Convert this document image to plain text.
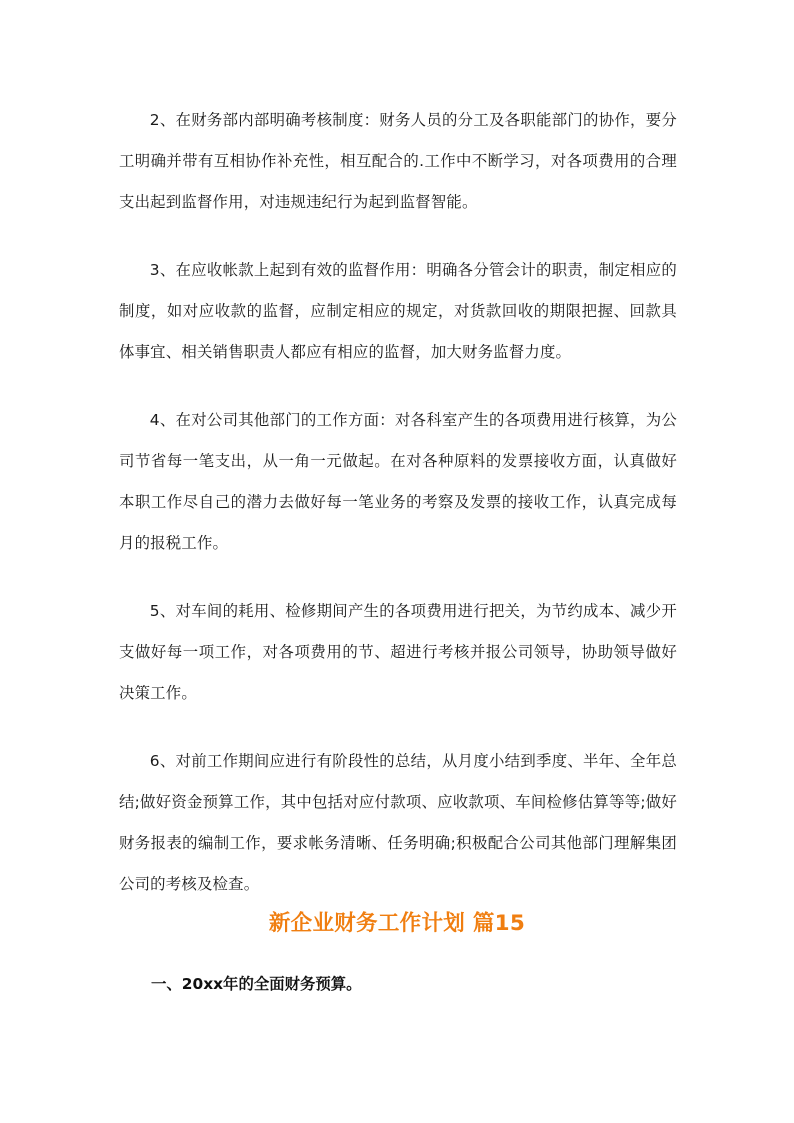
2、在财务部内部明确考核制度：财务人员的分工及各职能部门的协作，要分工明确并带有互相协作补充性，相互配合的.工作中不断学习，对各项费用的合理支出起到监督作用，对违规违纪行为起到监督智能。

3、在应收帐款上起到有效的监督作用：明确各分管会计的职责，制定相应的制度，如对应收款的监督，应制定相应的规定，对货款回收的期限把握、回款具体事宜、相关销售职责人都应有相应的监督，加大财务监督力度。

4、在对公司其他部门的工作方面：对各科室产生的各项费用进行核算，为公司节省每一笔支出，从一角一元做起。在对各种原料的发票接收方面，认真做好本职工作尽自己的潜力去做好每一笔业务的考察及发票的接收工作，认真完成每月的报税工作。

5、对车间的耗用、检修期间产生的各项费用进行把关，为节约成本、减少开支做好每一项工作，对各项费用的节、超进行考核并报公司领导，协助领导做好决策工作。

6、对前工作期间应进行有阶段性的总结，从月度小结到季度、半年、全年总结;做好资金预算工作，其中包括对应付款项、应收款项、车间检修估算等等;做好财务报表的编制工作，要求帐务清晰、任务明确;积极配合公司其他部门理解集团公司的考核及检查。

新企业财务工作计划 篇15

一、20xx年的全面财务预算。
